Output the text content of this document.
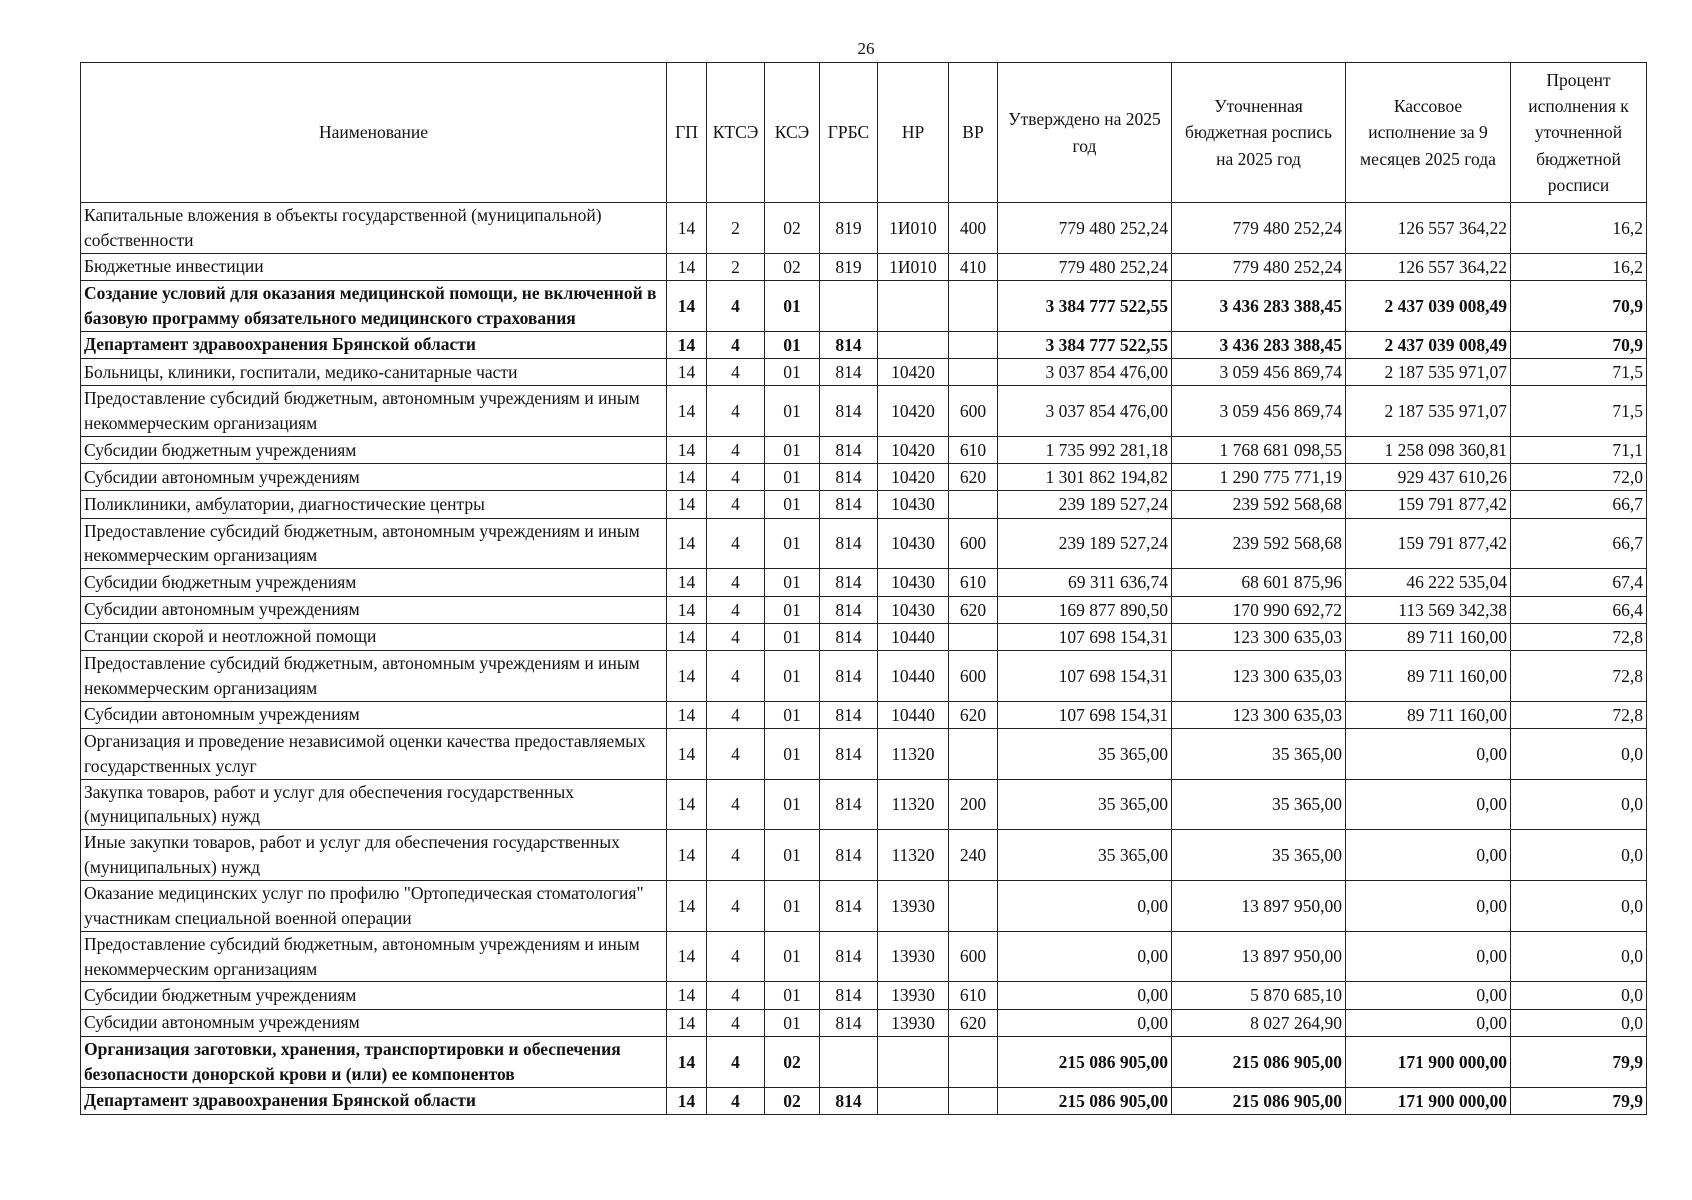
26
Наименование	ГП	КТСЭ	КСЭ	ГРБС	НР	ВР	Утверждено на 2025 год	Уточненная бюджетная роспись на 2025 год	Кассовое исполнение за 9 месяцев 2025 года	Процент исполнения к уточненной бюджетной росписи
Капитальные вложения в объекты государственной (муниципальной) собственности	14	2	02	819	1И010	400	779 480 252,24	779 480 252,24	126 557 364,22	16,2
Бюджетные инвестиции	14	2	02	819	1И010	410	779 480 252,24	779 480 252,24	126 557 364,22	16,2
Создание условий для оказания медицинской помощи, не включенной в базовую программу обязательного медицинского страхования	14	4	01				3 384 777 522,55	3 436 283 388,45	2 437 039 008,49	70,9
Департамент здравоохранения Брянской области	14	4	01	814			3 384 777 522,55	3 436 283 388,45	2 437 039 008,49	70,9
Больницы, клиники, госпитали, медико-санитарные части	14	4	01	814	10420		3 037 854 476,00	3 059 456 869,74	2 187 535 971,07	71,5
Предоставление субсидий бюджетным, автономным учреждениям и иным некоммерческим организациям	14	4	01	814	10420	600	3 037 854 476,00	3 059 456 869,74	2 187 535 971,07	71,5
Субсидии бюджетным учреждениям	14	4	01	814	10420	610	1 735 992 281,18	1 768 681 098,55	1 258 098 360,81	71,1
Субсидии автономным учреждениям	14	4	01	814	10420	620	1 301 862 194,82	1 290 775 771,19	929 437 610,26	72,0
Поликлиники, амбулатории, диагностические центры	14	4	01	814	10430		239 189 527,24	239 592 568,68	159 791 877,42	66,7
Предоставление субсидий бюджетным, автономным учреждениям и иным некоммерческим организациям	14	4	01	814	10430	600	239 189 527,24	239 592 568,68	159 791 877,42	66,7
Субсидии бюджетным учреждениям	14	4	01	814	10430	610	69 311 636,74	68 601 875,96	46 222 535,04	67,4
Субсидии автономным учреждениям	14	4	01	814	10430	620	169 877 890,50	170 990 692,72	113 569 342,38	66,4
Станции скорой и неотложной помощи	14	4	01	814	10440		107 698 154,31	123 300 635,03	89 711 160,00	72,8
Предоставление субсидий бюджетным, автономным учреждениям и иным некоммерческим организациям	14	4	01	814	10440	600	107 698 154,31	123 300 635,03	89 711 160,00	72,8
Субсидии автономным учреждениям	14	4	01	814	10440	620	107 698 154,31	123 300 635,03	89 711 160,00	72,8
Организация и проведение независимой оценки качества предоставляемых государственных услуг	14	4	01	814	11320		35 365,00	35 365,00	0,00	0,0
Закупка товаров, работ и услуг для обеспечения государственных (муниципальных) нужд	14	4	01	814	11320	200	35 365,00	35 365,00	0,00	0,0
Иные закупки товаров, работ и услуг для обеспечения государственных (муниципальных) нужд	14	4	01	814	11320	240	35 365,00	35 365,00	0,00	0,0
Оказание медицинских услуг по профилю "Ортопедическая стоматология" участникам специальной военной операции	14	4	01	814	13930		0,00	13 897 950,00	0,00	0,0
Предоставление субсидий бюджетным, автономным учреждениям и иным некоммерческим организациям	14	4	01	814	13930	600	0,00	13 897 950,00	0,00	0,0
Субсидии бюджетным учреждениям	14	4	01	814	13930	610	0,00	5 870 685,10	0,00	0,0
Субсидии автономным учреждениям	14	4	01	814	13930	620	0,00	8 027 264,90	0,00	0,0
Организация заготовки, хранения, транспортировки и обеспечения безопасности донорской крови и (или) ее компонентов	14	4	02				215 086 905,00	215 086 905,00	171 900 000,00	79,9
Департамент здравоохранения Брянской области	14	4	02	814			215 086 905,00	215 086 905,00	171 900 000,00	79,9
